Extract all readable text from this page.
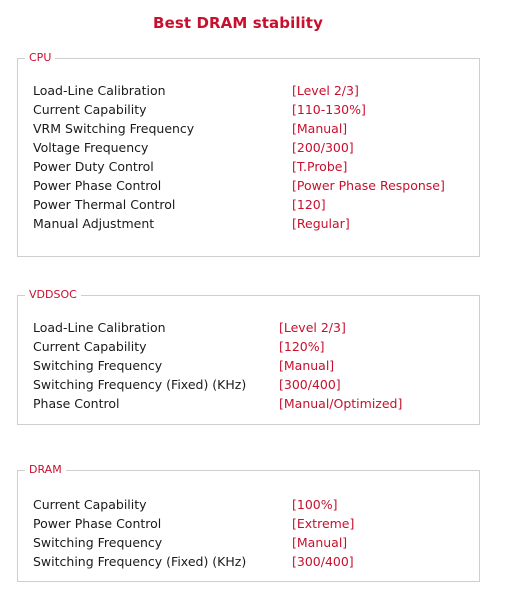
Best DRAM stability
CPU
Load-Line Calibration	[Level 2/3]
Current Capability	[110-130%]
VRM Switching Frequency	[Manual]
Voltage Frequency	[200/300]
Power Duty Control	[T.Probe]
Power Phase Control	[Power Phase Response]
Power Thermal Control	[120]
Manual Adjustment	[Regular]
VDDSOC
Load-Line Calibration	[Level 2/3]
Current Capability	[120%]
Switching Frequency	[Manual]
Switching Frequency (Fixed) (KHz)	[300/400]
Phase Control	[Manual/Optimized]
DRAM
Current Capability	[100%]
Power Phase Control	[Extreme]
Switching Frequency	[Manual]
Switching Frequency (Fixed) (KHz)	[300/400]
